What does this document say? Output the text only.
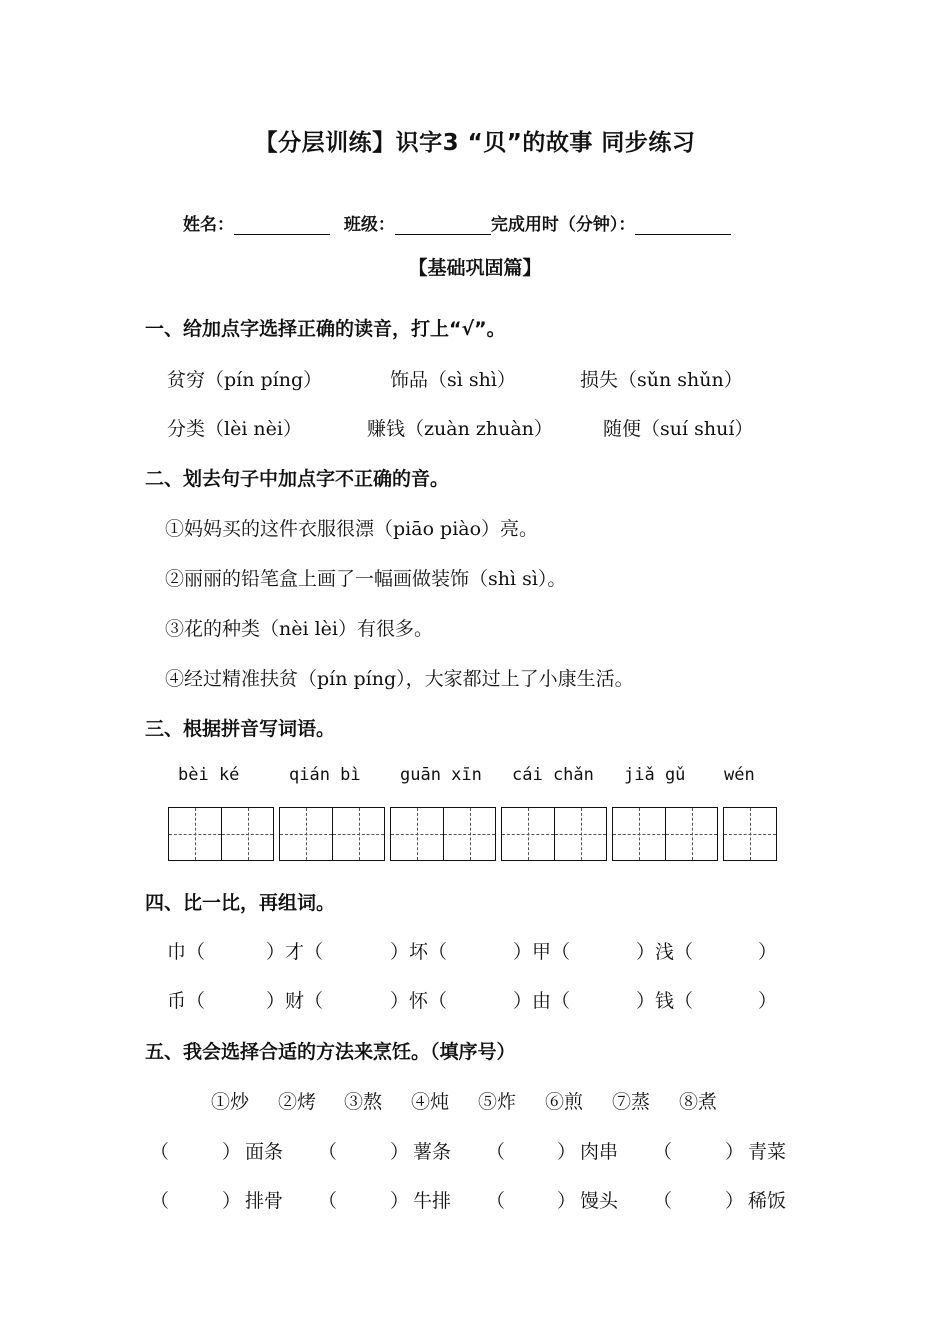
【分层训练】识字3 “贝”的故事 同步练习
姓名：	班级：	完成用时（分钟）：
【基础巩固篇】
一、给加点字选择正确的读音，打上“√”。
贫穷（pín píng）	饰品（sì shì）	损失（sǔn shǔn）
分类（lèi nèi）	赚钱（zuàn zhuàn）	随便（suí shuí）
二、划去句子中加点字不正确的音。
①妈妈买的这件衣服很漂（piāo piào）亮。
②丽丽的铅笔盒上画了一幅画做装饰（shì sì）。
③花的种类（nèi lèi）有很多。
④经过精准扶贫（pín píng），大家都过上了小康生活。
三、根据拼音写词语。
bèi ké	qián bì guān xīn cái chǎn jiǎ gǔ wén
四、比一比，再组词。
巾（	）才（	）坏（	）甲（	）浅（	）
币（	）财（	）怀（	）由（	）钱（	）
五、我会选择合适的方法来烹饪。（填序号）
①炒 ②烤 ③熬 ④炖 ⑤炸 ⑥煎 ⑦蒸 ⑧煮
（	） 面条 （	） 薯条 （	） 肉串 （	） 青菜
（	） 排骨 （	） 牛排 （	） 馒头 （	） 稀饭
